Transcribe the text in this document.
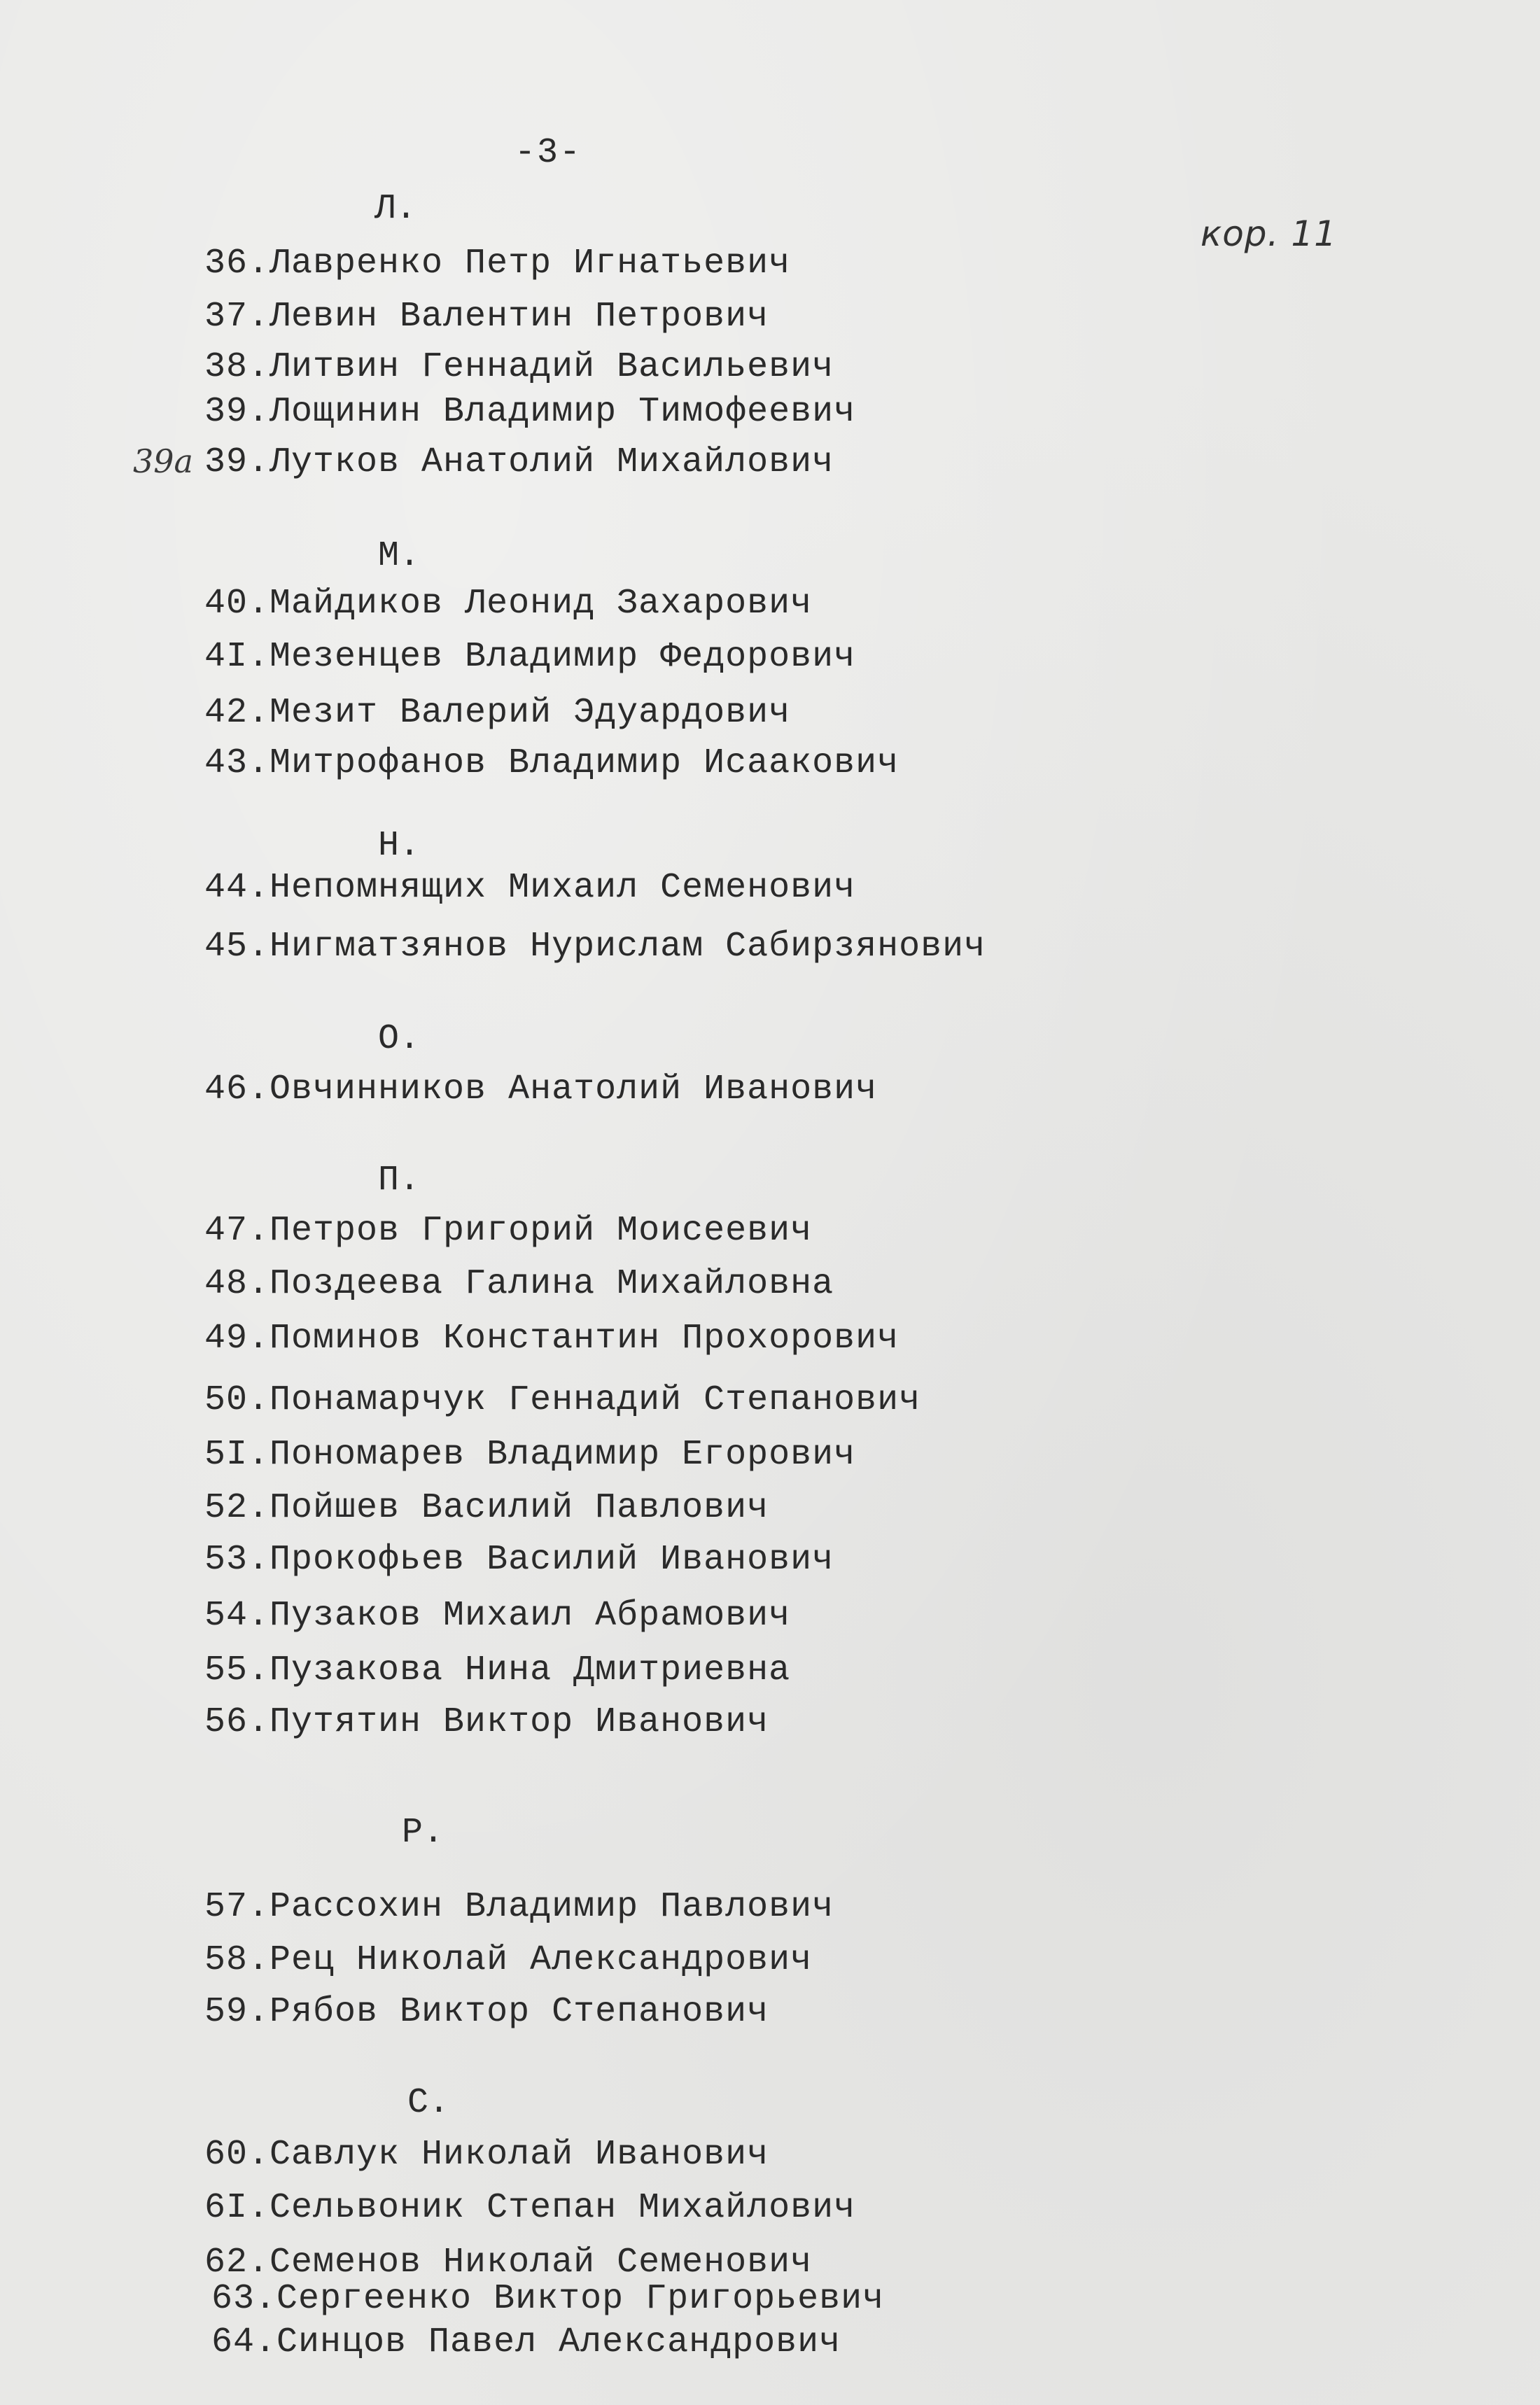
-3-
кор. 11
39а
Л.
36.Лавренко Петр Игнатьевич
37.Левин Валентин Петрович
38.Литвин Геннадий Васильевич
39.Лощинин Владимир Тимофеевич
39.Лутков Анатолий Михайлович
М.
40.Майдиков Леонид Захарович
4I.Мезенцев Владимир Федорович
42.Мезит Валерий Эдуардович
43.Митрофанов Владимир Исаакович
Н.
44.Непомнящих Михаил Семенович
45.Нигматзянов Нурислам Сабирзянович
О.
46.Овчинников Анатолий Иванович
П.
47.Петров Григорий Моисеевич
48.Поздеева Галина Михайловна
49.Поминов Константин Прохорович
50.Понамарчук Геннадий Степанович
5I.Пономарев Владимир Егорович
52.Пойшев Василий Павлович
53.Прокофьев Василий Иванович
54.Пузаков Михаил Абрамович
55.Пузакова Нина Дмитриевна
56.Путятин Виктор Иванович
Р.
57.Рассохин Владимир Павлович
58.Рец Николай Александрович
59.Рябов Виктор Степанович
С.
60.Савлук Николай Иванович
6I.Сельвоник Степан Михайлович
62.Семенов Николай Семенович
63.Сергеенко Виктор Григорьевич
64.Синцов Павел Александрович
